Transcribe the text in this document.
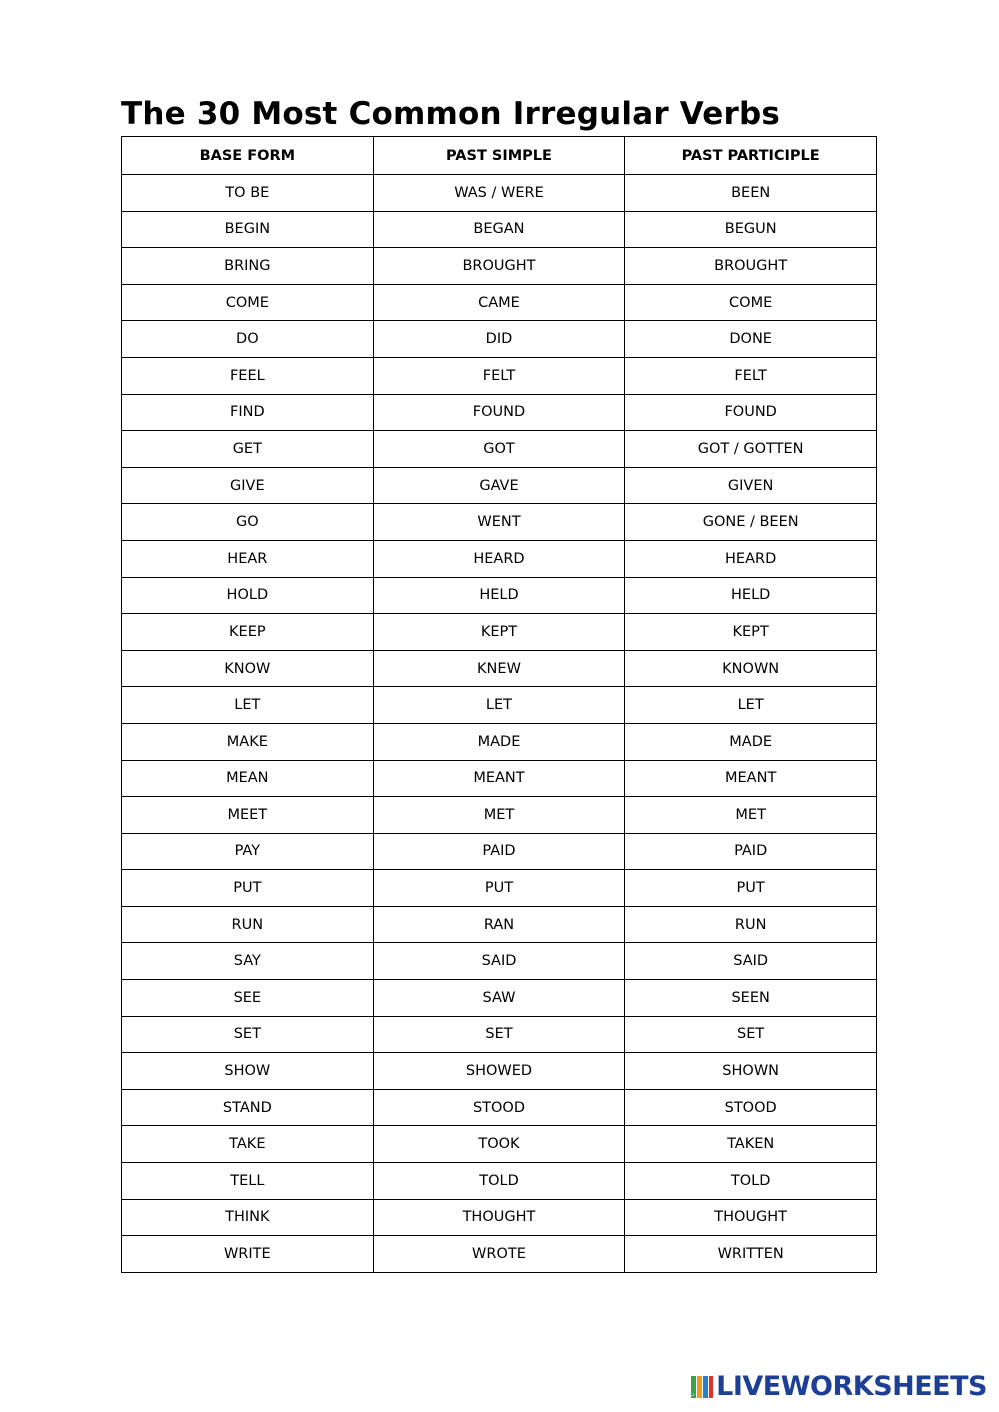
The 30 Most Common Irregular Verbs
BASE FORM	PAST SIMPLE	PAST PARTICIPLE
TO BE	WAS / WERE	BEEN
BEGIN	BEGAN	BEGUN
BRING	BROUGHT	BROUGHT
COME	CAME	COME
DO	DID	DONE
FEEL	FELT	FELT
FIND	FOUND	FOUND
GET	GOT	GOT / GOTTEN
GIVE	GAVE	GIVEN
GO	WENT	GONE / BEEN
HEAR	HEARD	HEARD
HOLD	HELD	HELD
KEEP	KEPT	KEPT
KNOW	KNEW	KNOWN
LET	LET	LET
MAKE	MADE	MADE
MEAN	MEANT	MEANT
MEET	MET	MET
PAY	PAID	PAID
PUT	PUT	PUT
RUN	RAN	RUN
SAY	SAID	SAID
SEE	SAW	SEEN
SET	SET	SET
SHOW	SHOWED	SHOWN
STAND	STOOD	STOOD
TAKE	TOOK	TAKEN
TELL	TOLD	TOLD
THINK	THOUGHT	THOUGHT
WRITE	WROTE	WRITTEN
L LIVEWORKSHEETS
